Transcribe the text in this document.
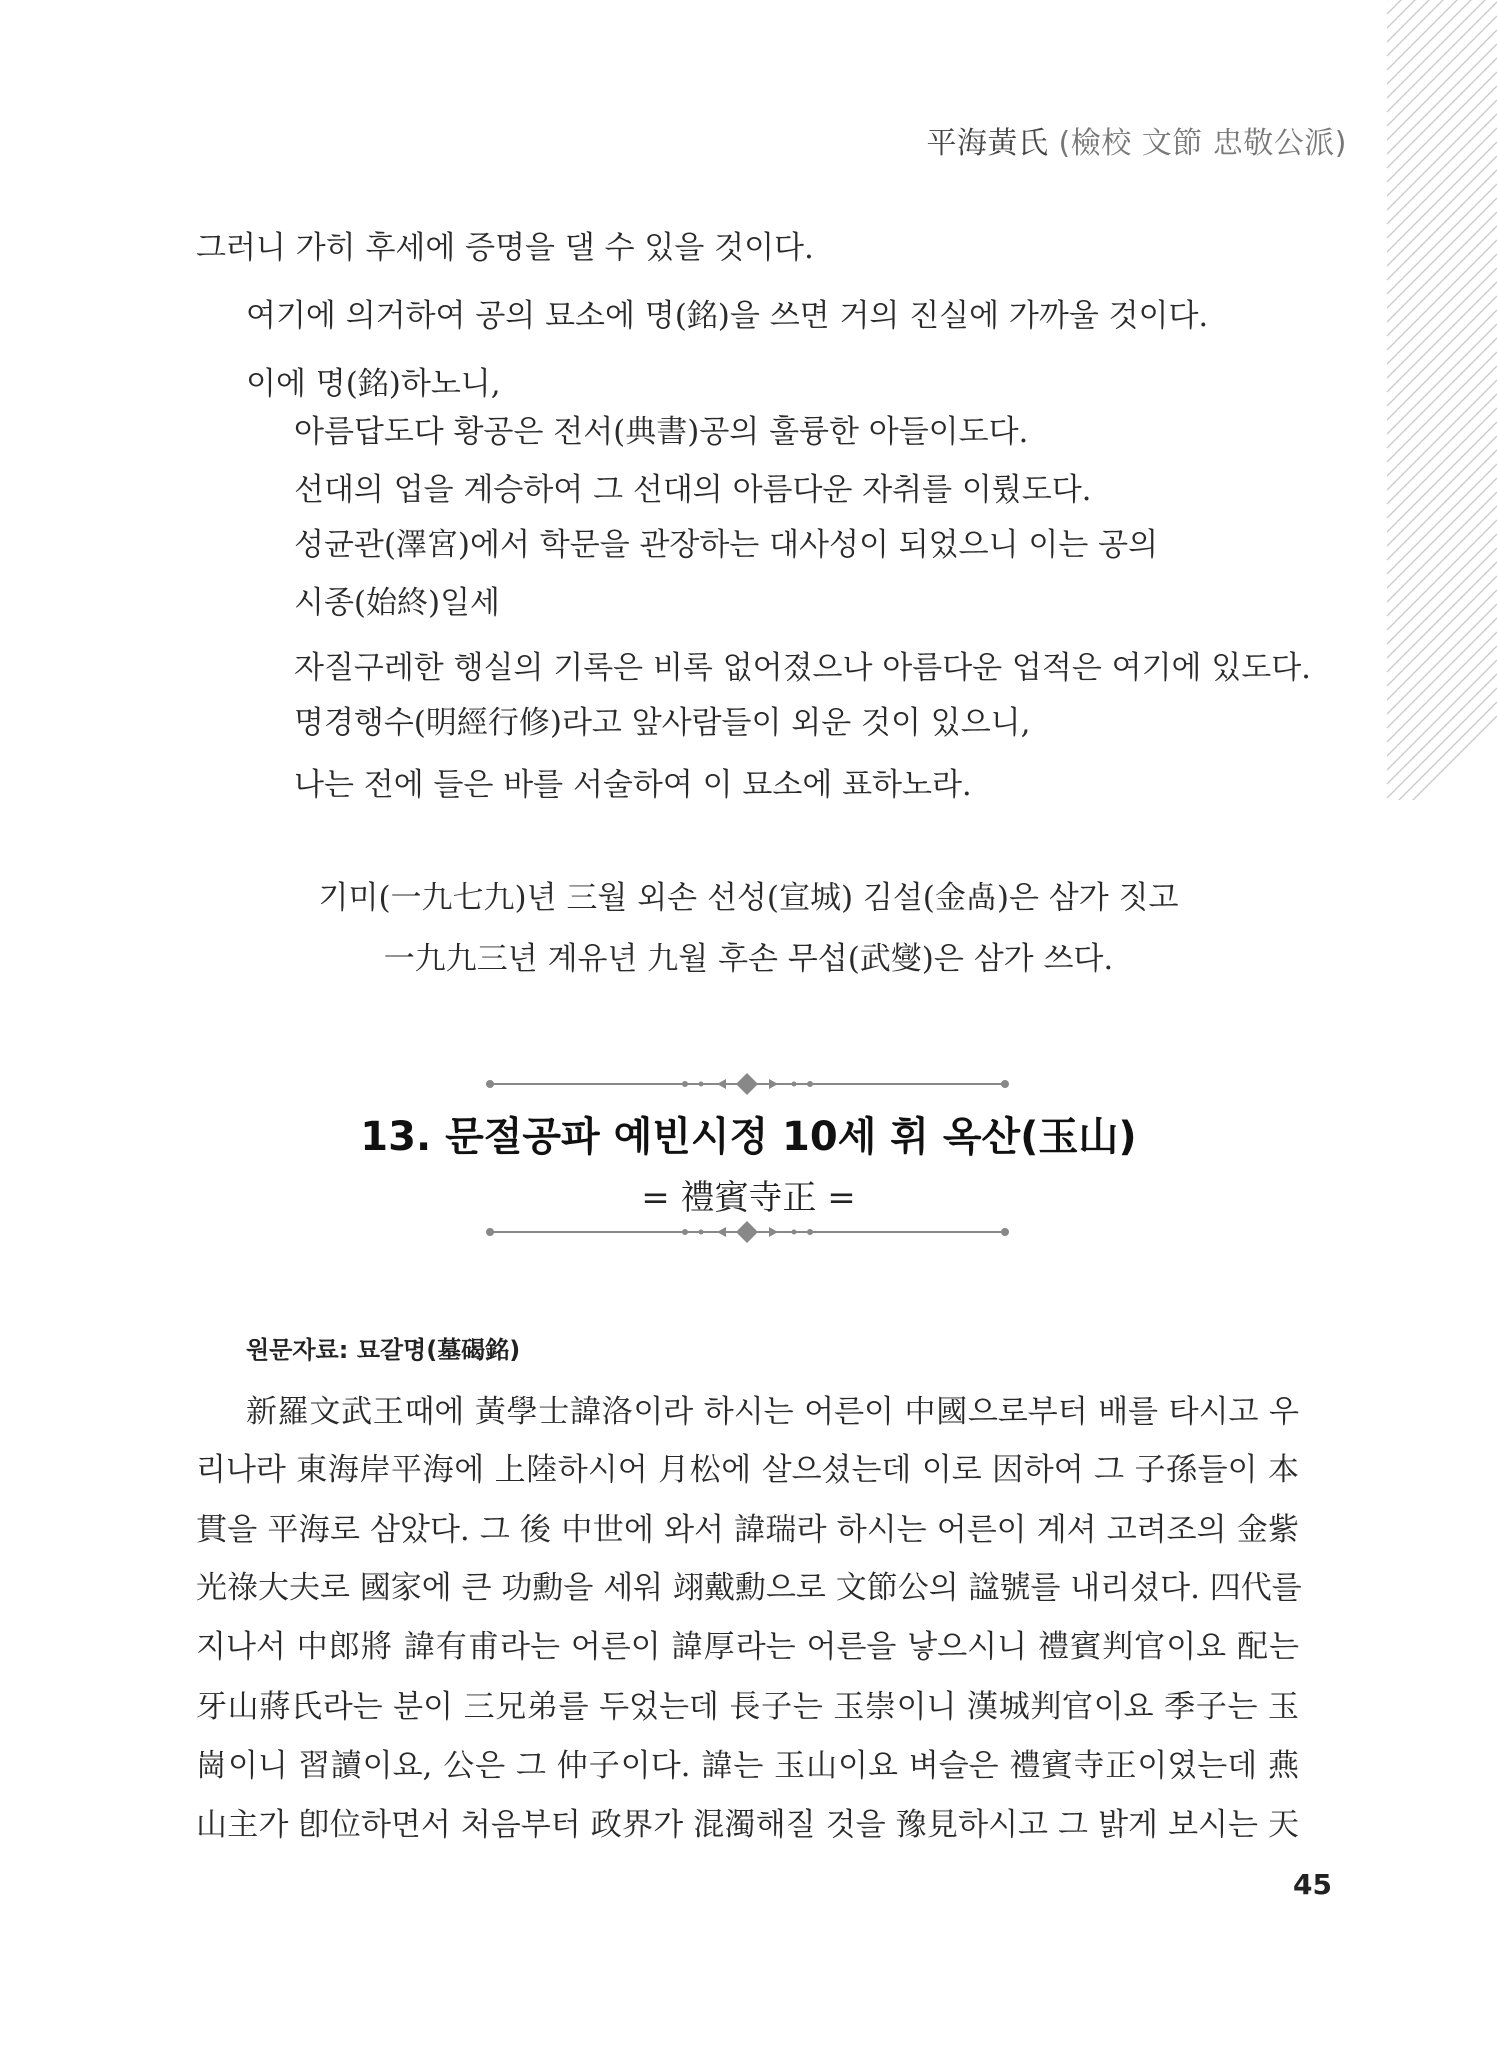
平海黃氏 (檢校 文節 忠敬公派)
그러니 가히 후세에 증명을 댈 수 있을 것이다.
여기에 의거하여 공의 묘소에 명(銘)을 쓰면 거의 진실에 가까울 것이다.
이에 명(銘)하노니,
아름답도다 황공은 전서(典書)공의 훌륭한 아들이도다.
선대의 업을 계승하여 그 선대의 아름다운 자취를 이뤘도다.
성균관(澤宮)에서 학문을 관장하는 대사성이 되었으니 이는 공의
시종(始終)일세
자질구레한 행실의 기록은 비록 없어졌으나 아름다운 업적은 여기에 있도다.
명경행수(明經行修)라고 앞사람들이 외운 것이 있으니,
나는 전에 들은 바를 서술하여 이 묘소에 표하노라.
기미(一九七九)년 三월 외손 선성(宣城) 김설(金卨)은 삼가 짓고
一九九三년 계유년 九월 후손 무섭(武燮)은 삼가 쓰다.
13. 문절공파 예빈시정 10세 휘 옥산(玉山)
= 禮賓寺正 =
원문자료: 묘갈명(墓碣銘)
新羅文武王때에 黃學士諱洛이라 하시는 어른이 中國으로부터 배를 타시고 우
리나라 東海岸平海에 上陸하시어 月松에 살으셨는데 이로 因하여 그 子孫들이 本
貫을 平海로 삼았다. 그 後 中世에 와서 諱瑞라 하시는 어른이 계셔 고려조의 金紫
光祿大夫로 國家에 큰 功勳을 세워 翊戴勳으로 文節公의 諡號를 내리셨다. 四代를
지나서 中郎將 諱有甫라는 어른이 諱厚라는 어른을 낳으시니 禮賓判官이요 配는
牙山蔣氏라는 분이 三兄弟를 두었는데 長子는 玉崇이니 漢城判官이요 季子는 玉
崗이니 習讀이요, 公은 그 仲子이다. 諱는 玉山이요 벼슬은 禮賓寺正이였는데 燕
山主가 卽位하면서 처음부터 政界가 混濁해질 것을 豫見하시고 그 밝게 보시는 天
45
